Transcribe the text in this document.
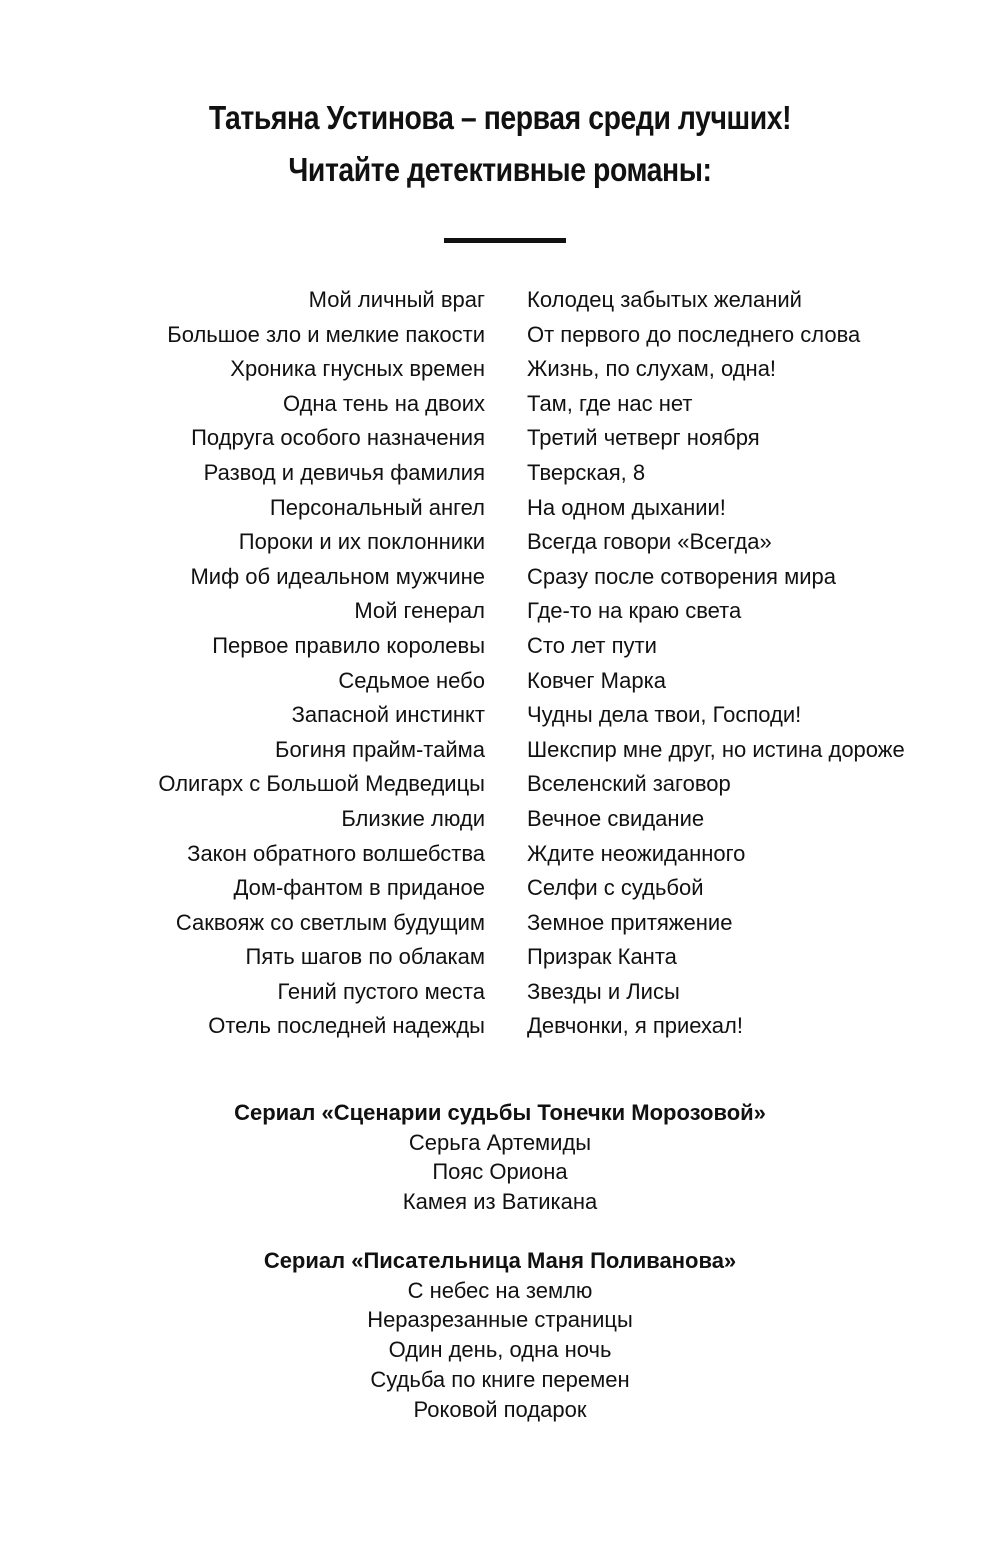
Татьяна Устинова – первая среди лучших!
Читайте детективные романы:
Мой личный враг
Большое зло и мелкие пакости
Хроника гнусных времен
Одна тень на двоих
Подруга особого назначения
Развод и девичья фамилия
Персональный ангел
Пороки и их поклонники
Миф об идеальном мужчине
Мой генерал
Первое правило королевы
Седьмое небо
Запасной инстинкт
Богиня прайм-тайма
Олигарх с Большой Медведицы
Близкие люди
Закон обратного волшебства
Дом-фантом в приданое
Саквояж со светлым будущим
Пять шагов по облакам
Гений пустого места
Отель последней надежды
Колодец забытых желаний
От первого до последнего слова
Жизнь, по слухам, одна!
Там, где нас нет
Третий четверг ноября
Тверская, 8
На одном дыхании!
Всегда говори «Всегда»
Сразу после сотворения мира
Где-то на краю света
Сто лет пути
Ковчег Марка
Чудны дела твои, Господи!
Шекспир мне друг, но истина дороже
Вселенский заговор
Вечное свидание
Ждите неожиданного
Селфи с судьбой
Земное притяжение
Призрак Канта
Звезды и Лисы
Девчонки, я приехал!
Сериал «Сценарии судьбы Тонечки Морозовой»
Серьга Артемиды
Пояс Ориона
Камея из Ватикана
Сериал «Писательница Маня Поливанова»
С небес на землю
Неразрезанные страницы
Один день, одна ночь
Судьба по книге перемен
Роковой подарок
